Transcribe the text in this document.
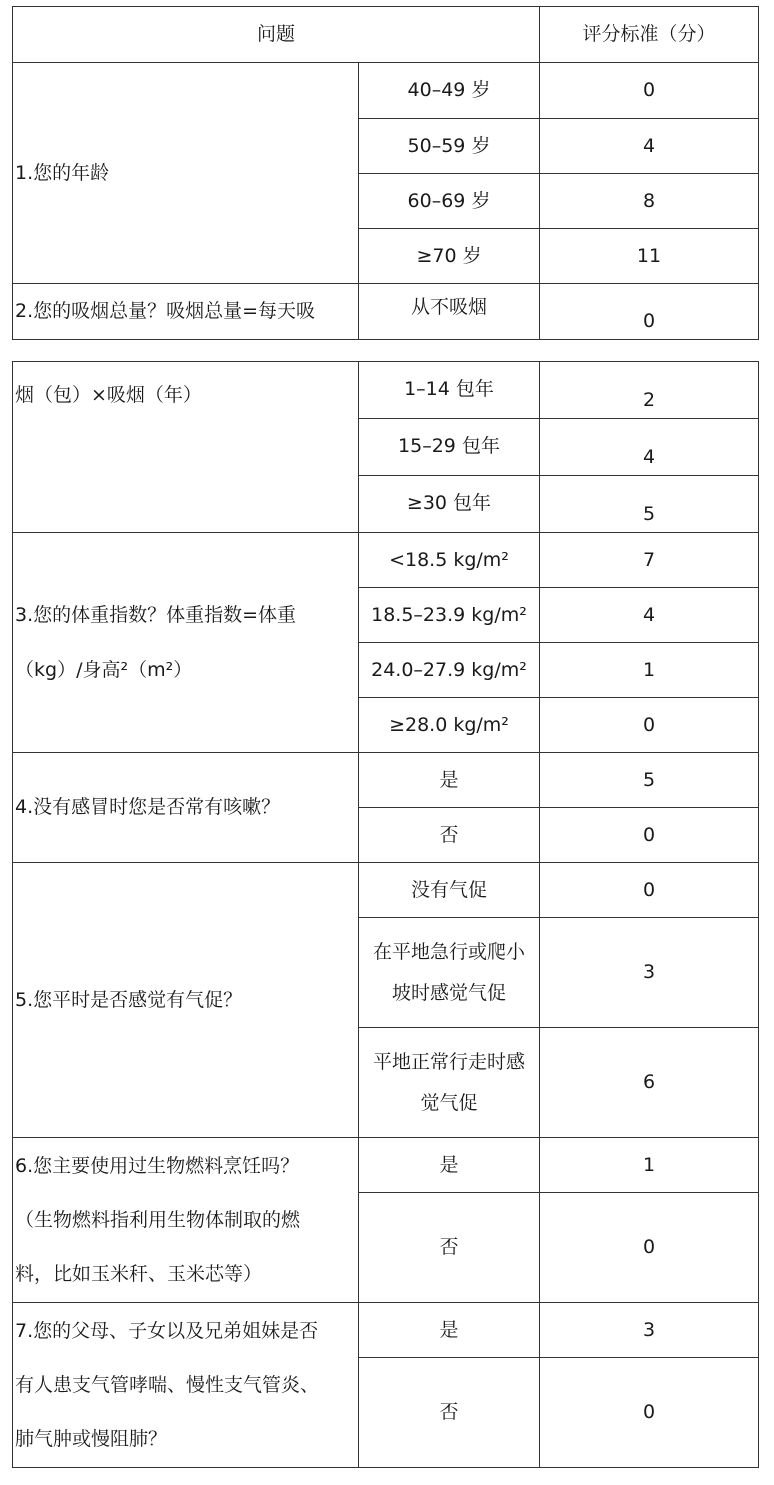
问题		评分标准（分）
1.您的年龄	40–49 岁	0
	50–59 岁	4
	60–69 岁	8
	≥70 岁	11
2.您的吸烟总量？吸烟总量=每天吸	从不吸烟	0
烟（包）×吸烟（年）	1–14 包年	2
	15–29 包年	4
	≥30 包年	5

3.您的体重指数？体重指数=体重
（kg）/身高²（m²）	<18.5 kg/m²	7
	18.5–23.9 kg/m²	4
	24.0–27.9 kg/m²	1
	≥28.0 kg/m²	0
4.没有感冒时您是否常有咳嗽？	是	5
	否	0
5.您平时是否感觉有气促？	没有气促	0

	在平地急行或爬小
坡时感觉气促	3

	平地正常行走时感
觉气促	6

6.您主要使用过生物燃料烹饪吗？
（生物燃料指利用生物体制取的燃
料，比如玉米秆、玉米芯等）	是	1
	否	0

7.您的父母、子女以及兄弟姐妹是否
有人患支气管哮喘、慢性支气管炎、
肺气肿或慢阻肺？	是	3
	否	0
